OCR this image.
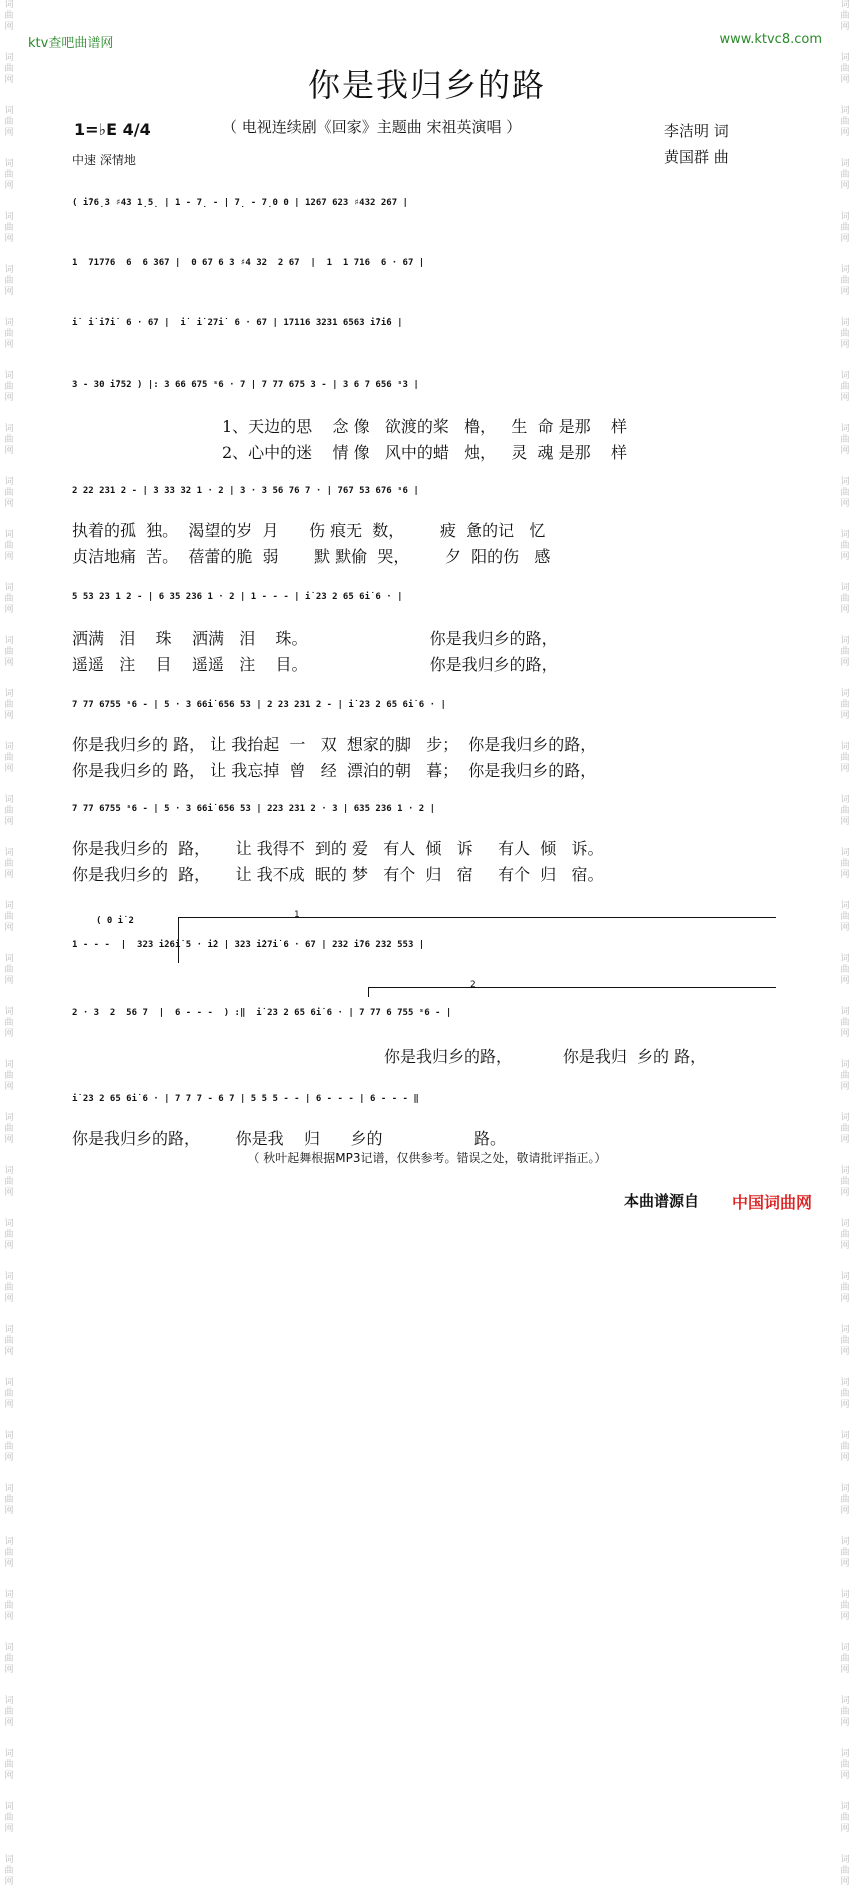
词
曲
网
词
曲
网
词
曲
网
词
曲
网
词
曲
网
词
曲
网
词
曲
网
词
曲
网
词
曲
网
词
曲
网
词
曲
网
词
曲
网
词
曲
网
词
曲
网
词
曲
网
词
曲
网
词
曲
网
词
曲
网
词
曲
网
词
曲
网
词
曲
网
词
曲
网
词
曲
网
词
曲
网
词
曲
网
词
曲
网
词
曲
网
词
曲
网
词
曲
网
词
曲
网
词
曲
网
词
曲
网
词
曲
网
词
曲
网
词
曲
网
词
曲
网
词
曲
网
词
曲
网
词
曲
网
词
曲
网
词
曲
网
词
曲
网
词
曲
网
词
曲
网
词
曲
网
词
曲
网
词
曲
网
词
曲
网
词
曲
网
词
曲
网
词
曲
网
词
曲
网
词
曲
网
词
曲
网
词
曲
网
词
曲
网
词
曲
网
词
曲
网
词
曲
网
词
曲
网
词
曲
网
词
曲
网
词
曲
网
词
曲
网
词
曲
网
词
曲
网
词
曲
网
词
曲
网
词
曲
网
词
曲
网
词
曲
网
词
曲
网
ktv查吧曲谱网	www.ktvc8.com
你是我归乡的路
（ 电视连续剧《回家》主题曲 宋祖英演唱 ）
1=♭E 4/4
中速 深情地
李洁明 词
黄国群 曲
( i̇76̣3 ♯43 1̣5̣ | 1 - 7̣ - | 7̣ - 7̣0 0 | 1267 623 ♯432 267 |
1  71776  6  6 367 |  0 67 6 3 ♯4 32  2 67  |  1  1 716  6 · 67 |
i̇  i̇ i̇7i̇  6 · 67 |  i̇  i̇ 27i̇  6 · 67 | 17116 3231 6563 i̇7i̇6 |
3 - 30 i̇752 ) |: 3 66 675 ˢ6 · 7 | 7 77 675 3 - | 3 6 7 656 ˢ3 |
1、天边的思    念 像   欲渡的桨   橹，   生  命 是那    样
2、心中的迷    情 像   风中的蜡   烛，   灵  魂 是那    样
2 22 231 2 - | 3 33 32 1 · 2 | 3 · 3 56 76 7 · | 767 53 676 ˢ6 |
执着的孤  独。  渴望的岁  月      伤 痕无  数，       疲  惫的记   忆
贞洁地痛  苦。  蓓蕾的脆  弱       默 默偷  哭，       夕  阳的伤   感
5 53 23 1 2 - | 6 35 236 1 · 2 | 1 - - - | i̇ 23 2 65 6i̇ 6 · |
洒满   泪    珠    洒满   泪    珠。                        你是我归乡的路，
遥遥   注    目    遥遥   注    目。                        你是我归乡的路，
7 77 6755 ˢ6 - | 5 · 3 66i̇ 656 53 | 2 23 231 2 - | i̇ 23 2 65 6i̇ 6 · |
你是我归乡的 路， 让 我抬起  一   双  想家的脚   步；  你是我归乡的路，
你是我归乡的 路， 让 我忘掉  曾   经  漂泊的朝   暮；  你是我归乡的路，
7 77 6755 ˢ6 - | 5 · 3 66i̇ 656 53 | 223 231 2 · 3 | 635 236 1 · 2 |
你是我归乡的  路，     让 我得不  到的 爱   有人  倾   诉     有人  倾   诉。
你是我归乡的  路，     让 我不成  眠的 梦   有个  归   宿     有个  归   宿。
1
( 0 i̇ 2
1 - - -  |  323 i̇26i̇ 5 · i̇2 | 323 i̇27i̇ 6 · 67 | 232 i̇76 232 553 |
2
2 · 3  2  56 7  |  6 - - -  ) :‖  i̇ 23 2 65 6i̇ 6 · | 7 77 6 755 ˢ6 - |
你是我归乡的路，          你是我归  乡的 路，
i̇ 23 2 65 6i̇ 6 · | 7 7 7 - 6 7 | 5 5 5 - - | 6 - - - | 6 - - - ‖
你是我归乡的路，       你是我    归      乡的                  路。
（ 秋叶起舞根据MP3记谱，仅供参考。错误之处，敬请批评指正。）
本曲谱源自 中国词曲网
